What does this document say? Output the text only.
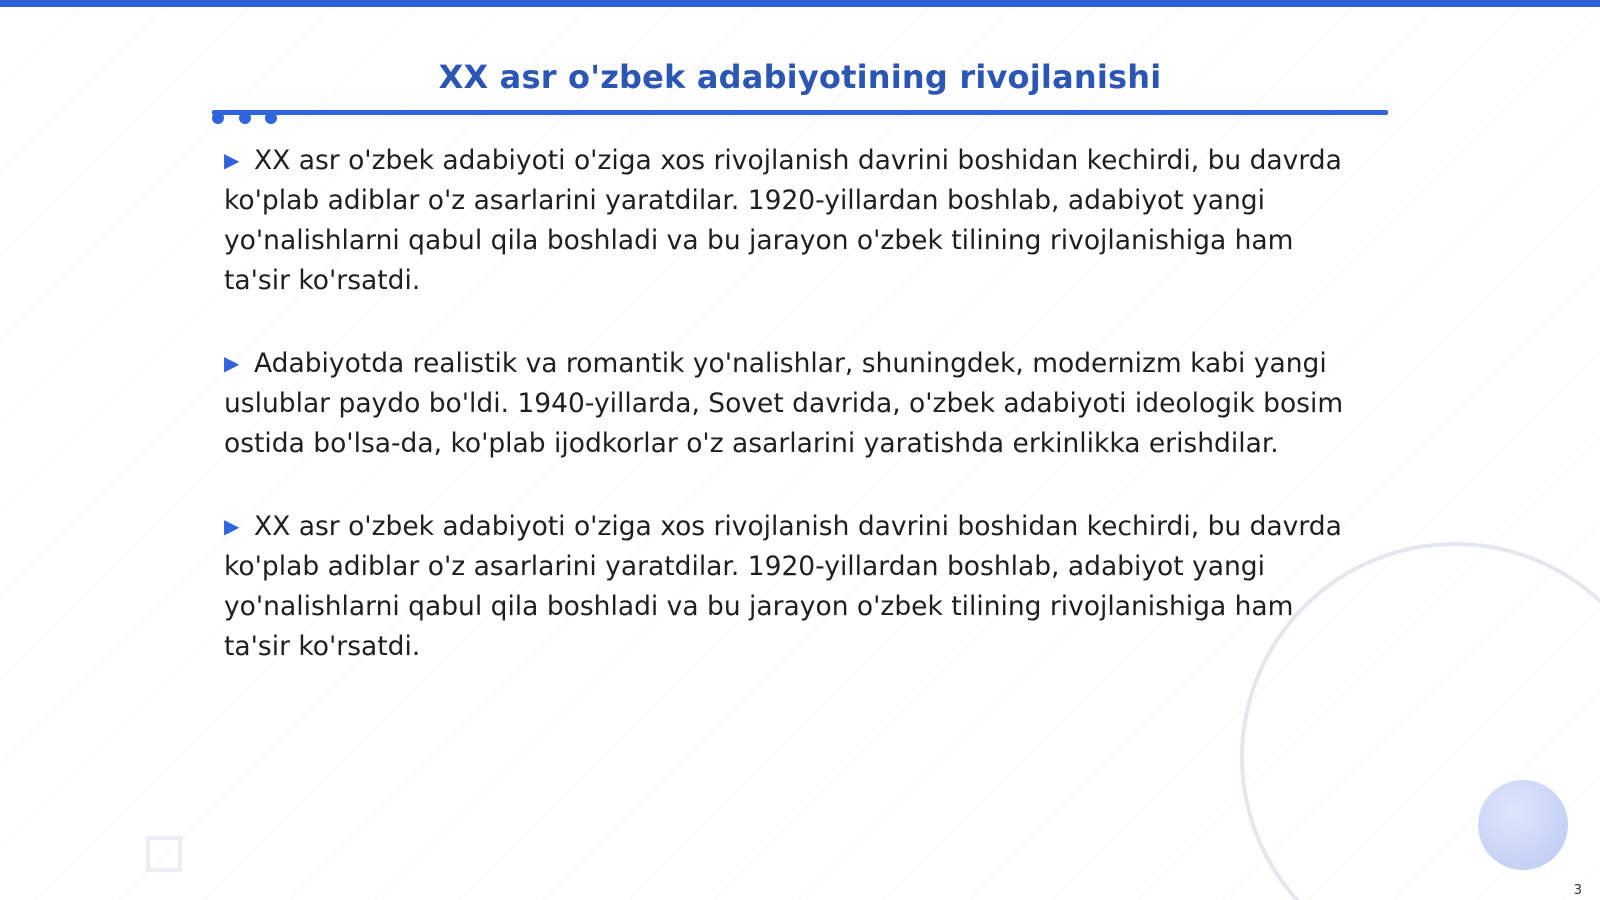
XX asr o'zbek adabiyotining rivojlanishi

▶ XX asr o'zbek adabiyoti o'ziga xos rivojlanish davrini boshidan kechirdi, bu davrda ko'plab adiblar o'z asarlarini yaratdilar. 1920-yillardan boshlab, adabiyot yangi yo'nalishlarni qabul qila boshladi va bu jarayon o'zbek tilining rivojlanishiga ham ta'sir ko'rsatdi.

▶ Adabiyotda realistik va romantik yo'nalishlar, shuningdek, modernizm kabi yangi uslublar paydo bo'ldi. 1940-yillarda, Sovet davrida, o'zbek adabiyoti ideologik bosim ostida bo'lsa-da, ko'plab ijodkorlar o'z asarlarini yaratishda erkinlikka erishdilar.

▶ XX asr o'zbek adabiyoti o'ziga xos rivojlanish davrini boshidan kechirdi, bu davrda ko'plab adiblar o'z asarlarini yaratdilar. 1920-yillardan boshlab, adabiyot yangi yo'nalishlarni qabul qila boshladi va bu jarayon o'zbek tilining rivojlanishiga ham ta'sir ko'rsatdi.

3
